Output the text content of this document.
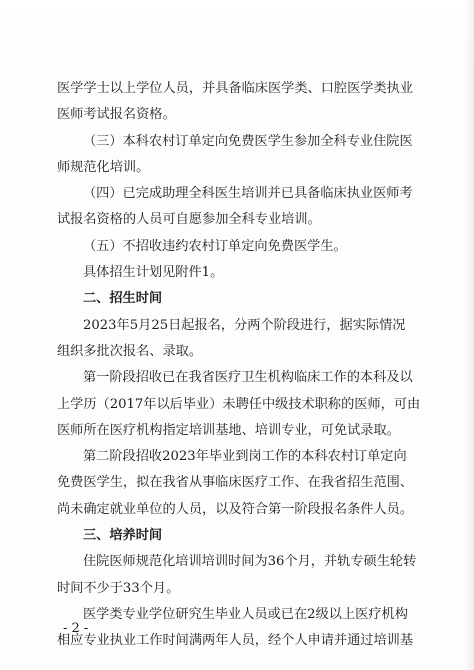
医学学士以上学位人员，并具备临床医学类、口腔医学类执业
医师考试报名资格。
（三）本科农村订单定向免费医学生参加全科专业住院医
师规范化培训。
（四）已完成助理全科医生培训并已具备临床执业医师考
试报名资格的人员可自愿参加全科专业培训。
（五）不招收违约农村订单定向免费医学生。
具体招生计划见附件1。
二、招生时间
2023年5月25日起报名，分两个阶段进行，据实际情况
组织多批次报名、录取。
第一阶段招收已在我省医疗卫生机构临床工作的本科及以
上学历（2017年以后毕业）未聘任中级技术职称的医师，可由
医师所在医疗机构指定培训基地、培训专业，可免试录取。
第二阶段招收2023年毕业到岗工作的本科农村订单定向
免费医学生，拟在我省从事临床医疗工作、在我省招生范围、
尚未确定就业单位的人员，以及符合第一阶段报名条件人员。
三、培养时间
住院医师规范化培训培训时间为36个月，并轨专硕生轮转
时间不少于33个月。
医学类专业学位研究生毕业人员或已在2级以上医疗机构
相应专业执业工作时间满两年人员，经个人申请并通过培训基
- 2 -
